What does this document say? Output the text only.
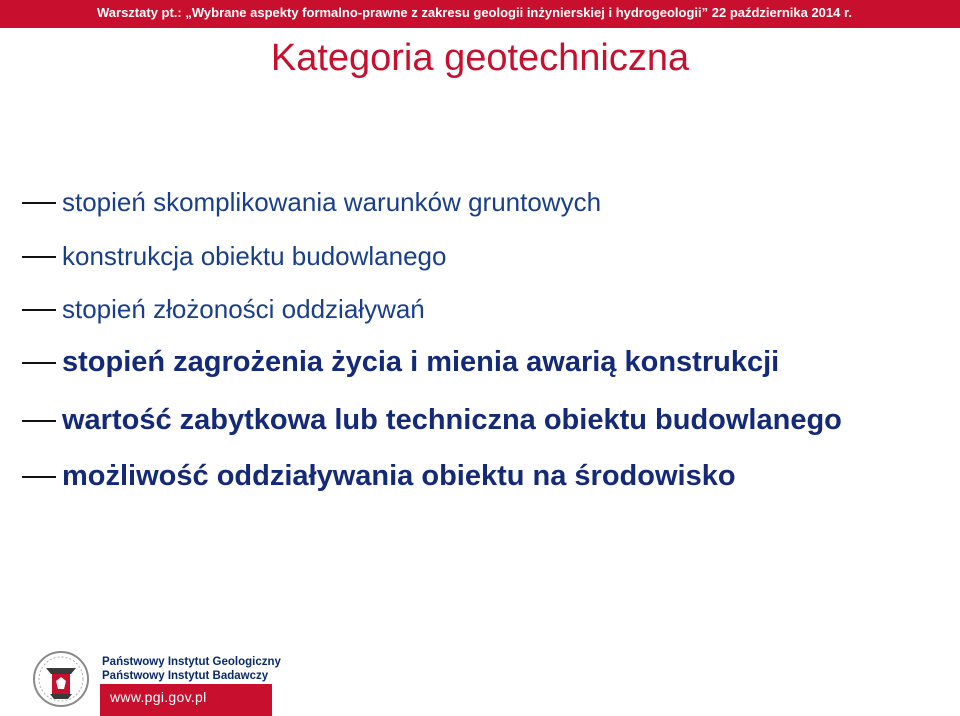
Warsztaty pt.: „Wybrane aspekty formalno-prawne z zakresu geologii inżynierskiej i hydrogeologii” 22 października 2014 r.
Kategoria geotechniczna
stopień skomplikowania warunków gruntowych
konstrukcja obiektu budowlanego
stopień złożoności oddziaływań
stopień zagrożenia życia i mienia awarią konstrukcji
wartość zabytkowa lub techniczna obiektu budowlanego
możliwość oddziaływania obiektu na środowisko
Państwowy Instytut Geologiczny
Państwowy Instytut Badawczy
www.pgi.gov.pl
